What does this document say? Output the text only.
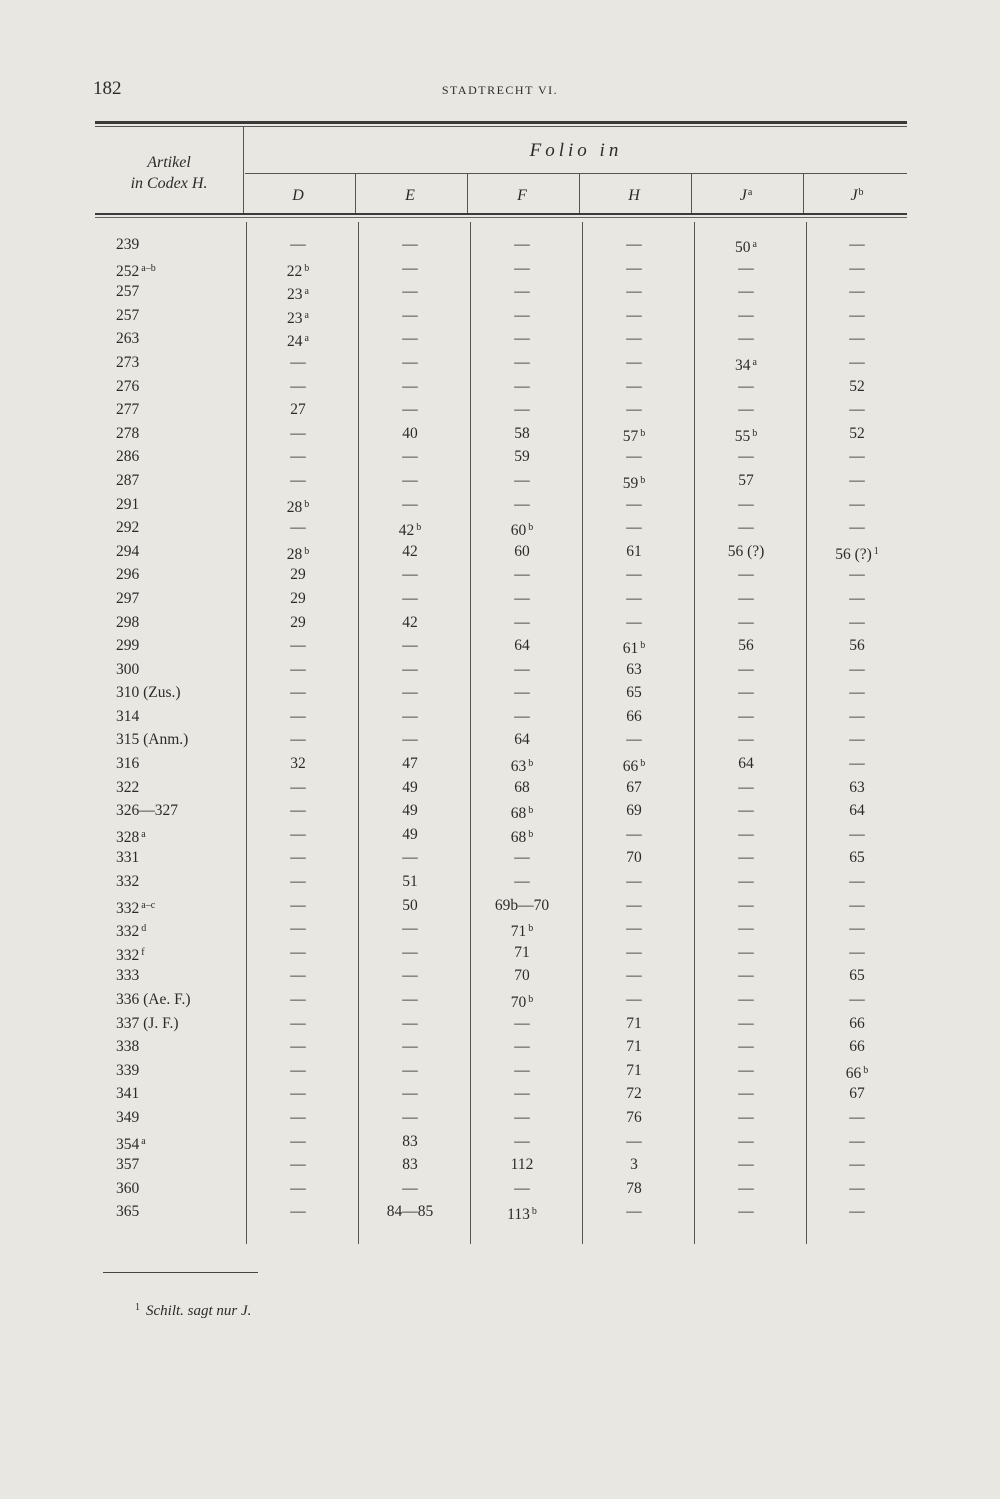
182	STADTRECHT VI.
Artikel
in Codex H.
Folio in
D	E	F	H	$J^a$	$J^b$
239	—	—	—	—	50 $^a$	—
252 $^{a-b}$	22 $^b$	—	—	—	—	—
257	23 $^a$	—	—	—	—	—
257	23 $^a$	—	—	—	—	—
263	24 $^a$	—	—	—	—	—
273	—	—	—	—	34 $^a$	—
276	—	—	—	—	—	52
277	27	—	—	—	—	—
278	—	40	58	57 $^b$	55 $^b$	52
286	—	—	59	—	—	—
287	—	—	—	59 $^b$	57	—
291	28 $^b$	—	—	—	—	—
292	—	42 $^b$	60 $^b$	—	—	—
294	28 $^b$	42	60	61	56 (?)	56 (?) $^1$
296	29	—	—	—	—	—
297	29	—	—	—	—	—
298	29	42	—	—	—	—
299	—	—	64	61 $^b$	56	56
300	—	—	—	63	—	—
310 (Zus.)	—	—	—	65	—	—
314	—	—	—	66	—	—
315 (Anm.)	—	—	64	—	—	—
316	32	47	63 $^b$	66 $^b$	64	—
322	—	49	68	67	—	63
326—327	—	49	68 $^b$	69	—	64
328 $^a$	—	49	68 $^b$	—	—	—
331	—	—	—	70	—	65
332	—	51	—	—	—	—
332 $^{a-c}$	—	50	69b—70	—	—	—
332 $^d$	—	—	71 $^b$	—	—	—
332 $^f$	—	—	71	—	—	—
333	—	—	70	—	—	65
336 (Ae. F.)	—	—	70 $^b$	—	—	—
337 (J. F.)	—	—	—	71	—	66
338	—	—	—	71	—	66
339	—	—	—	71	—	66 $^b$
341	—	—	—	72	—	67
349	—	—	—	76	—	—
354 $^a$	—	83	—	—	—	—
357	—	83	112	3	—	—
360	—	—	—	78	—	—
365	—	84—85	113 $^b$	—	—	—
$^1$ Schilt. sagt nur J.
